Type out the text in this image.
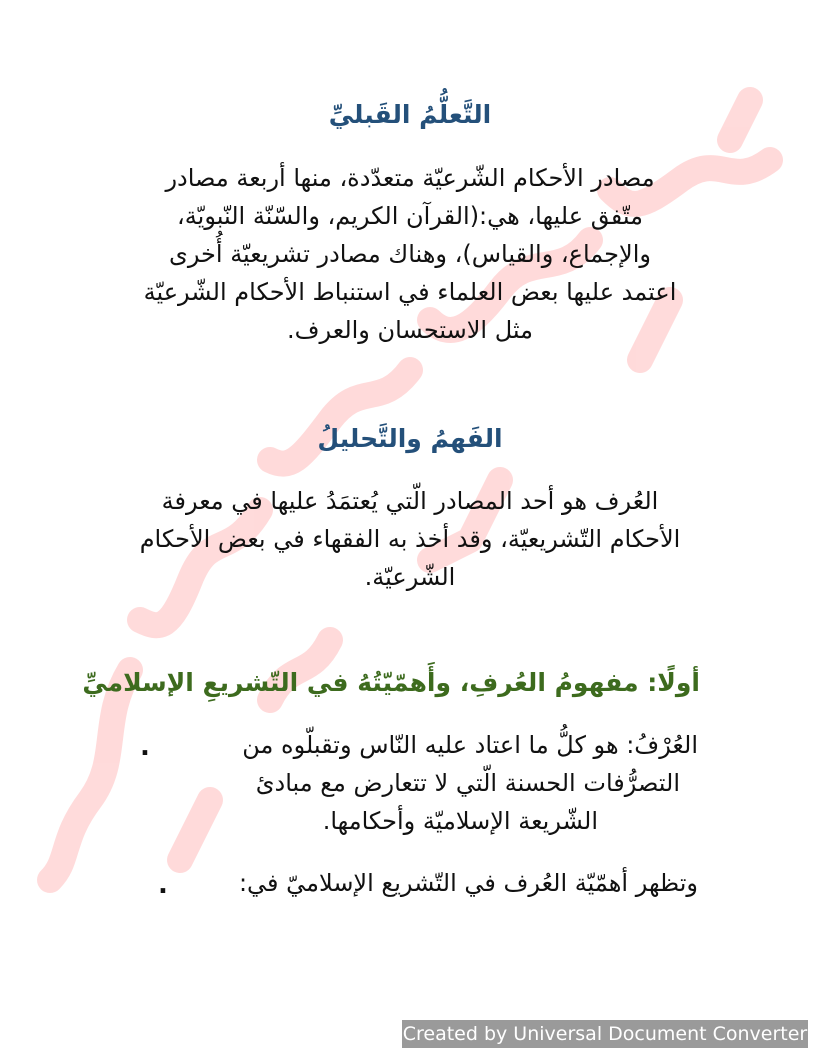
التَّعلُّمُ القَبليِّ
مصادر الأحكام الشّرعيّة متعدّدة، منها أربعة مصادر
متّفق عليها، هي:(القرآن الكريم، والسّنّة النّبويّة،
والإجماع، والقياس)، وهناك مصادر تشريعيّة أُخرى
اعتمد عليها بعض العلماء في استنباط الأحكام الشّرعيّة
مثل الاستحسان والعرف.
الفَهمُ والتَّحليلُ
العُرف هو أحد المصادر الّتي يُعتمَدُ عليها في معرفة
الأحكام التّشريعيّة، وقد أخذ به الفقهاء في بعض الأحكام
الشّرعيّة.
أولًا: مفهومُ العُرفِ، وأَهمّيّتُهُ في التّشريعِ الإسلاميِّ
.	العُرْفُ: هو كلُّ ما اعتاد عليه النّاس وتقبلّوه من
التصرُّفات الحسنة الّتي لا تتعارض مع مبادئ
الشّريعة الإسلاميّة وأحكامها.
.	وتظهر أهمّيّة العُرف في التّشريع الإسلاميّ في:
Created by Universal Document Converter
